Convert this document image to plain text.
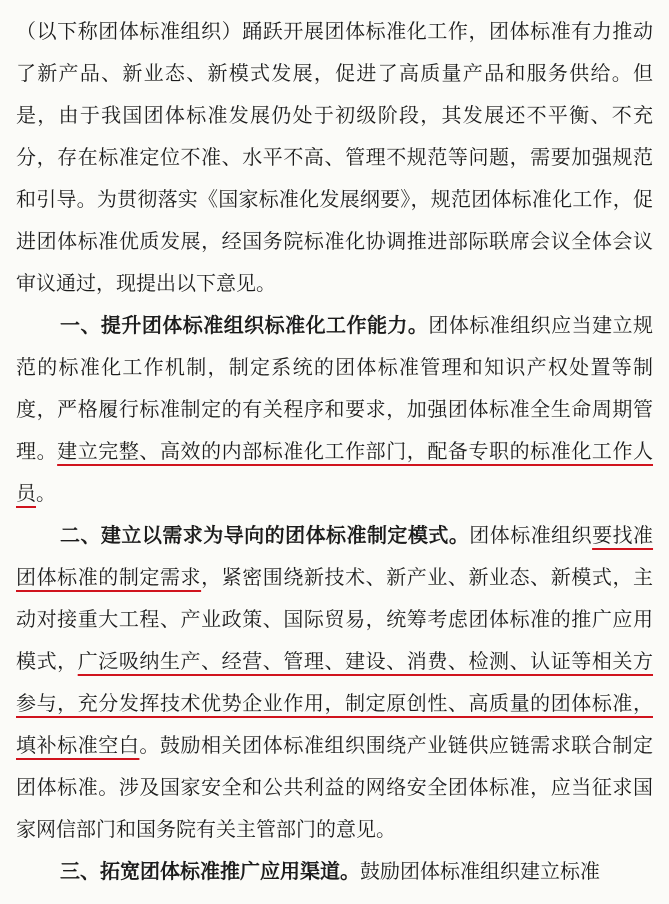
（以下称团体标准组织）踊跃开展团体标准化工作，团体标准有力推动了新产品、新业态、新模式发展，促进了高质量产品和服务供给。但是，由于我国团体标准发展仍处于初级阶段，其发展还不平衡、不充分，存在标准定位不准、水平不高、管理不规范等问题，需要加强规范和引导。为贯彻落实《国家标准化发展纲要》，规范团体标准化工作，促进团体标准优质发展，经国务院标准化协调推进部际联席会议全体会议审议通过，现提出以下意见。

一、提升团体标准组织标准化工作能力。团体标准组织应当建立规范的标准化工作机制，制定系统的团体标准管理和知识产权处置等制度，严格履行标准制定的有关程序和要求，加强团体标准全生命周期管理。建立完整、高效的内部标准化工作部门，配备专职的标准化工作人员。

二、建立以需求为导向的团体标准制定模式。团体标准组织要找准团体标准的制定需求，紧密围绕新技术、新产业、新业态、新模式，主动对接重大工程、产业政策、国际贸易，统筹考虑团体标准的推广应用模式，广泛吸纳生产、经营、管理、建设、消费、检测、认证等相关方参与，充分发挥技术优势企业作用，制定原创性、高质量的团体标准，填补标准空白。鼓励相关团体标准组织围绕产业链供应链需求联合制定团体标准。涉及国家安全和公共利益的网络安全团体标准，应当征求国家网信部门和国务院有关主管部门的意见。

三、拓宽团体标准推广应用渠道。鼓励团体标准组织建立标准
